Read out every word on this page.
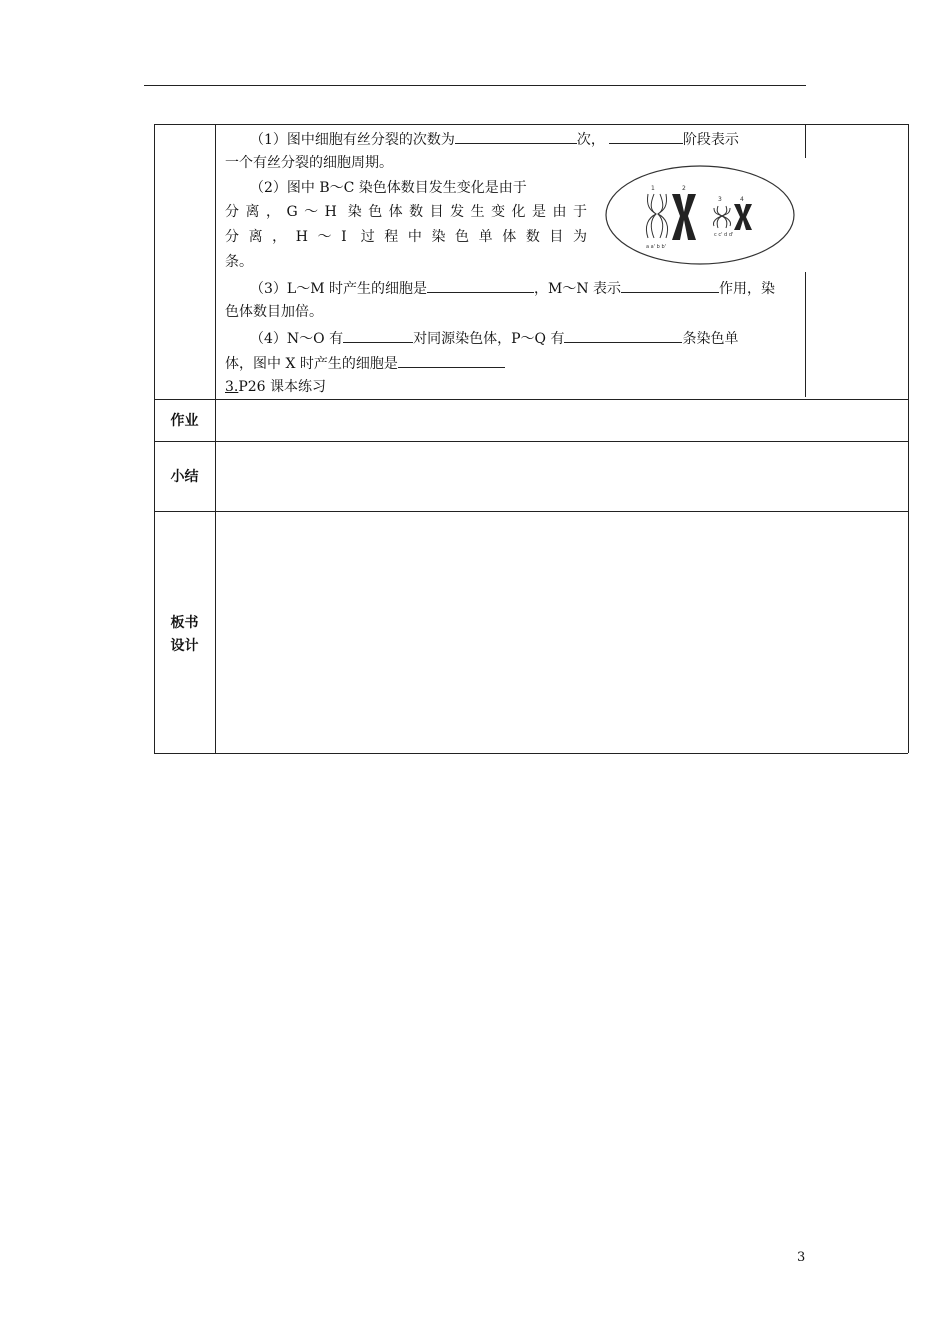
（1）图中细胞有丝分裂的次数为	次，	阶段表示
一个有丝分裂的细胞周期。
（2）图中 B～C 染色体数目发生变化是由于
分离，G～H 染色体数目发生变化是由于
分离，H～I 过程中染色单体数目为
条。
1	2
3	4
a a' b b'
c c' d d'
（3）L～M 时产生的细胞是	，M～N 表示	作用，染
色体数目加倍。
（4）N～O 有	对同源染色体，P～Q 有	条染色单
体，图中 X 时产生的细胞是
3.P26 课本练习
作业
小结
板书
设计
3
